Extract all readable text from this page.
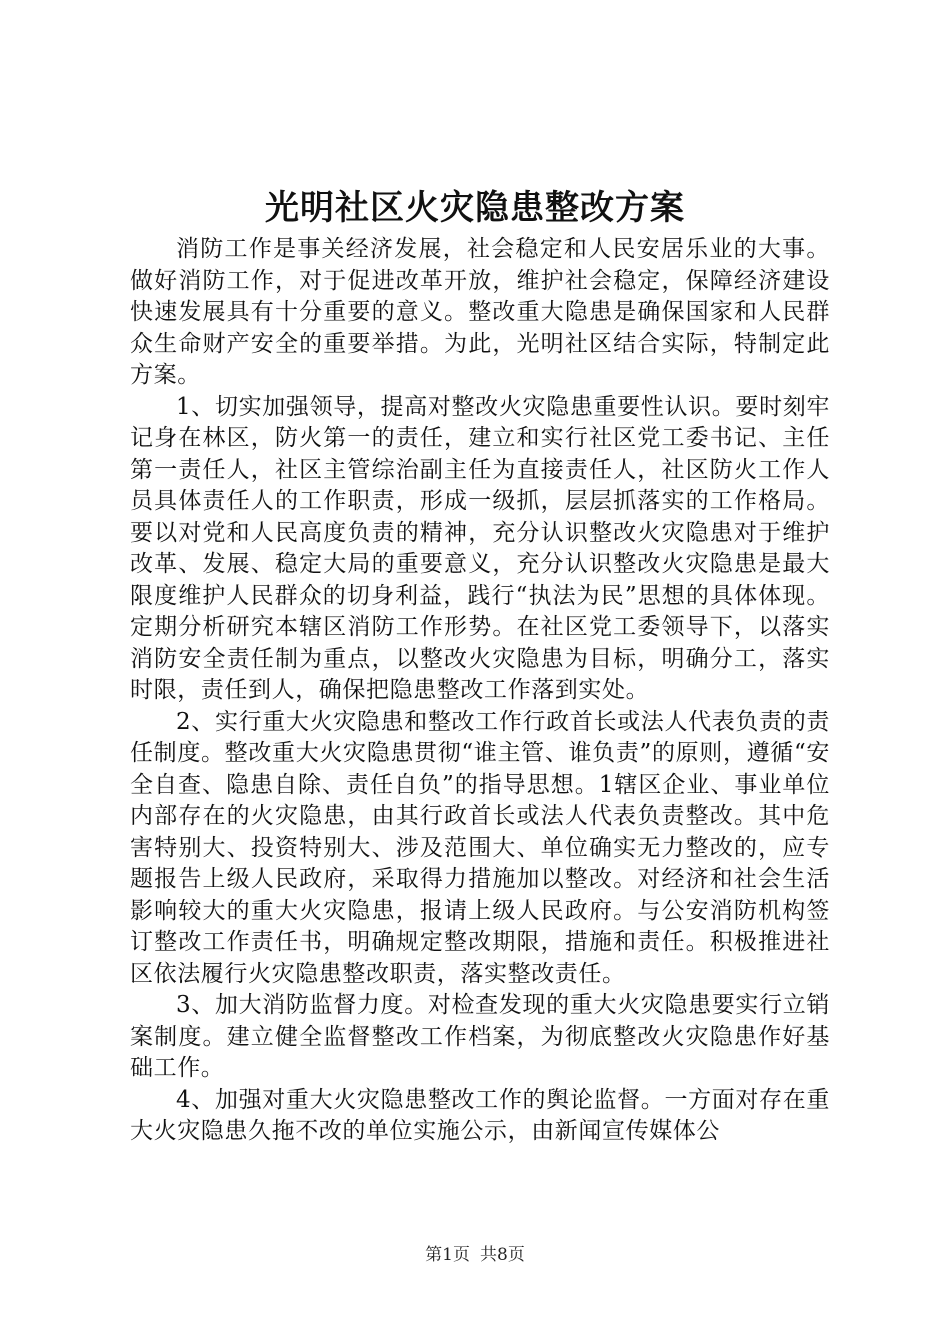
光明社区火灾隐患整改方案

消防工作是事关经济发展，社会稳定和人民安居乐业的大事。做好消防工作，对于促进改革开放，维护社会稳定，保障经济建设快速发展具有十分重要的意义。整改重大隐患是确保国家和人民群众生命财产安全的重要举措。为此，光明社区结合实际，特制定此方案。

1、切实加强领导，提高对整改火灾隐患重要性认识。要时刻牢记身在林区，防火第一的责任，建立和实行社区党工委书记、主任第一责任人，社区主管综治副主任为直接责任人，社区防火工作人员具体责任人的工作职责，形成一级抓，层层抓落实的工作格局。要以对党和人民高度负责的精神，充分认识整改火灾隐患对于维护改革、发展、稳定大局的重要意义，充分认识整改火灾隐患是最大限度维护人民群众的切身利益，践行“执法为民”思想的具体体现。定期分析研究本辖区消防工作形势。在社区党工委领导下，以落实消防安全责任制为重点，以整改火灾隐患为目标，明确分工，落实时限，责任到人，确保把隐患整改工作落到实处。

2、实行重大火灾隐患和整改工作行政首长或法人代表负责的责任制度。整改重大火灾隐患贯彻“谁主管、谁负责”的原则，遵循“安全自查、隐患自除、责任自负”的指导思想。1辖区企业、事业单位内部存在的火灾隐患，由其行政首长或法人代表负责整改。其中危害特别大、投资特别大、涉及范围大、单位确实无力整改的，应专题报告上级人民政府，采取得力措施加以整改。对经济和社会生活影响较大的重大火灾隐患，报请上级人民政府。与公安消防机构签订整改工作责任书，明确规定整改期限，措施和责任。积极推进社区依法履行火灾隐患整改职责，落实整改责任。

3、加大消防监督力度。对检查发现的重大火灾隐患要实行立销案制度。建立健全监督整改工作档案，为彻底整改火灾隐患作好基础工作。

4、加强对重大火灾隐患整改工作的舆论监督。一方面对存在重大火灾隐患久拖不改的单位实施公示，由新闻宣传媒体公

第1页 共8页
